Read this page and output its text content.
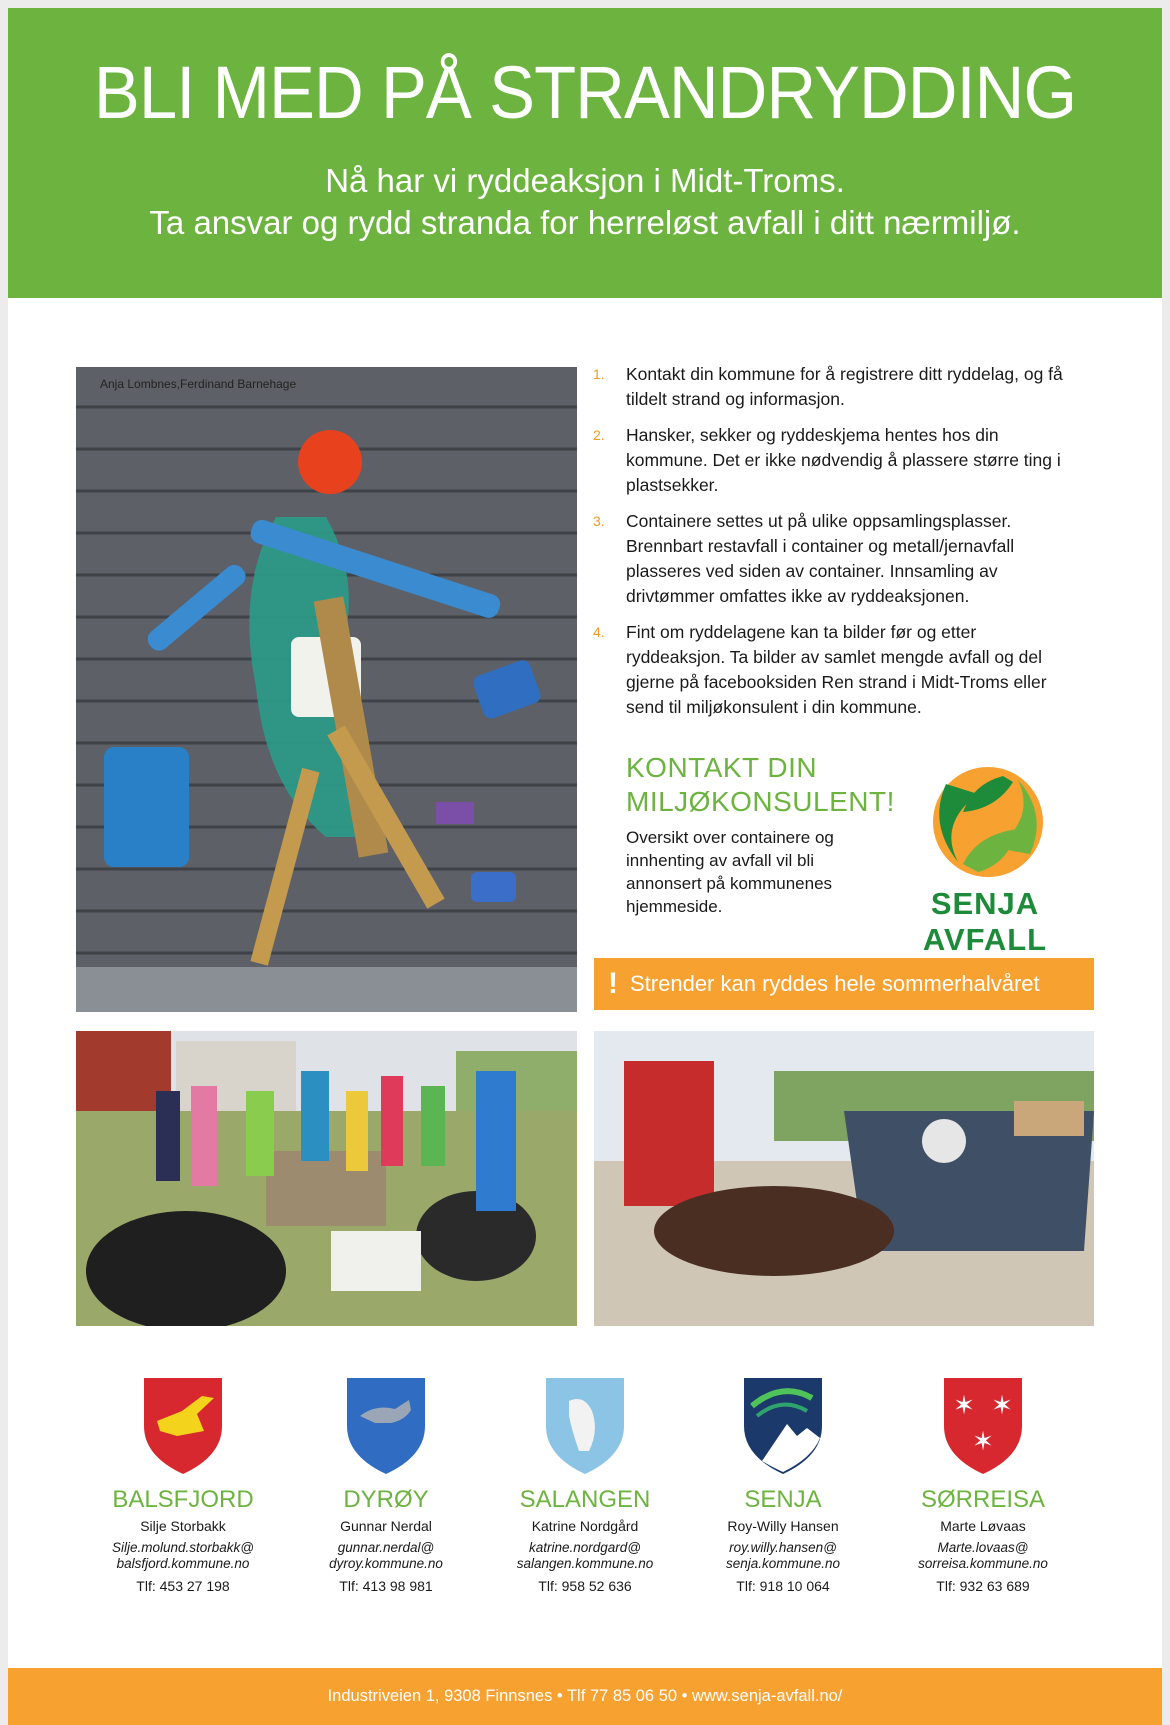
BLI MED PÅ STRANDRYDDING
Nå har vi ryddeaksjon i Midt-Troms.
Ta ansvar og rydd stranda for herreløst avfall i ditt nærmiljø.
Anja Lombnes,Ferdinand Barnehage
1. Kontakt din kommune for å registrere ditt ryddelag, og få tildelt strand og informasjon.
2. Hansker, sekker og ryddeskjema hentes hos din kommune. Det er ikke nødvendig å plassere større ting i plastsekker.
3. Containere settes ut på ulike oppsamlingsplasser. Brennbart restavfall i container og metall/jernavfall plasseres ved siden av container. Innsamling av drivtømmer omfattes ikke av ryddeaksjonen.
4. Fint om ryddelagene kan ta bilder før og etter ryddeaksjon. Ta bilder av samlet mengde avfall og del gjerne på facebooksiden Ren strand i Midt-Troms eller send til miljøkonsulent i din kommune.
KONTAKT DIN
MILJØKONSULENT!
Oversikt over containere og innhenting av avfall vil bli annonsert på kommunenes hjemmeside.	SENJA AVFALL
! Strender kan ryddes hele sommerhalvåret
BALSFJORD
Silje Storbakk
Silje.molund.storbakk@
balsfjord.kommune.no
Tlf: 453 27 198
DYRØY
Gunnar Nerdal
gunnar.nerdal@
dyroy.kommune.no
Tlf: 413 98 981
SALANGEN
Katrine Nordgård
katrine.nordgard@
salangen.kommune.no
Tlf: 958 52 636
SENJA
Roy-Willy Hansen
roy.willy.hansen@
senja.kommune.no
Tlf: 918 10 064
✶ ✶
✶
SØRREISA
Marte Løvaas
Marte.lovaas@
sorreisa.kommune.no
Tlf: 932 63 689
Industriveien 1, 9308 Finnsnes • Tlf 77 85 06 50 • www.senja-avfall.no/
